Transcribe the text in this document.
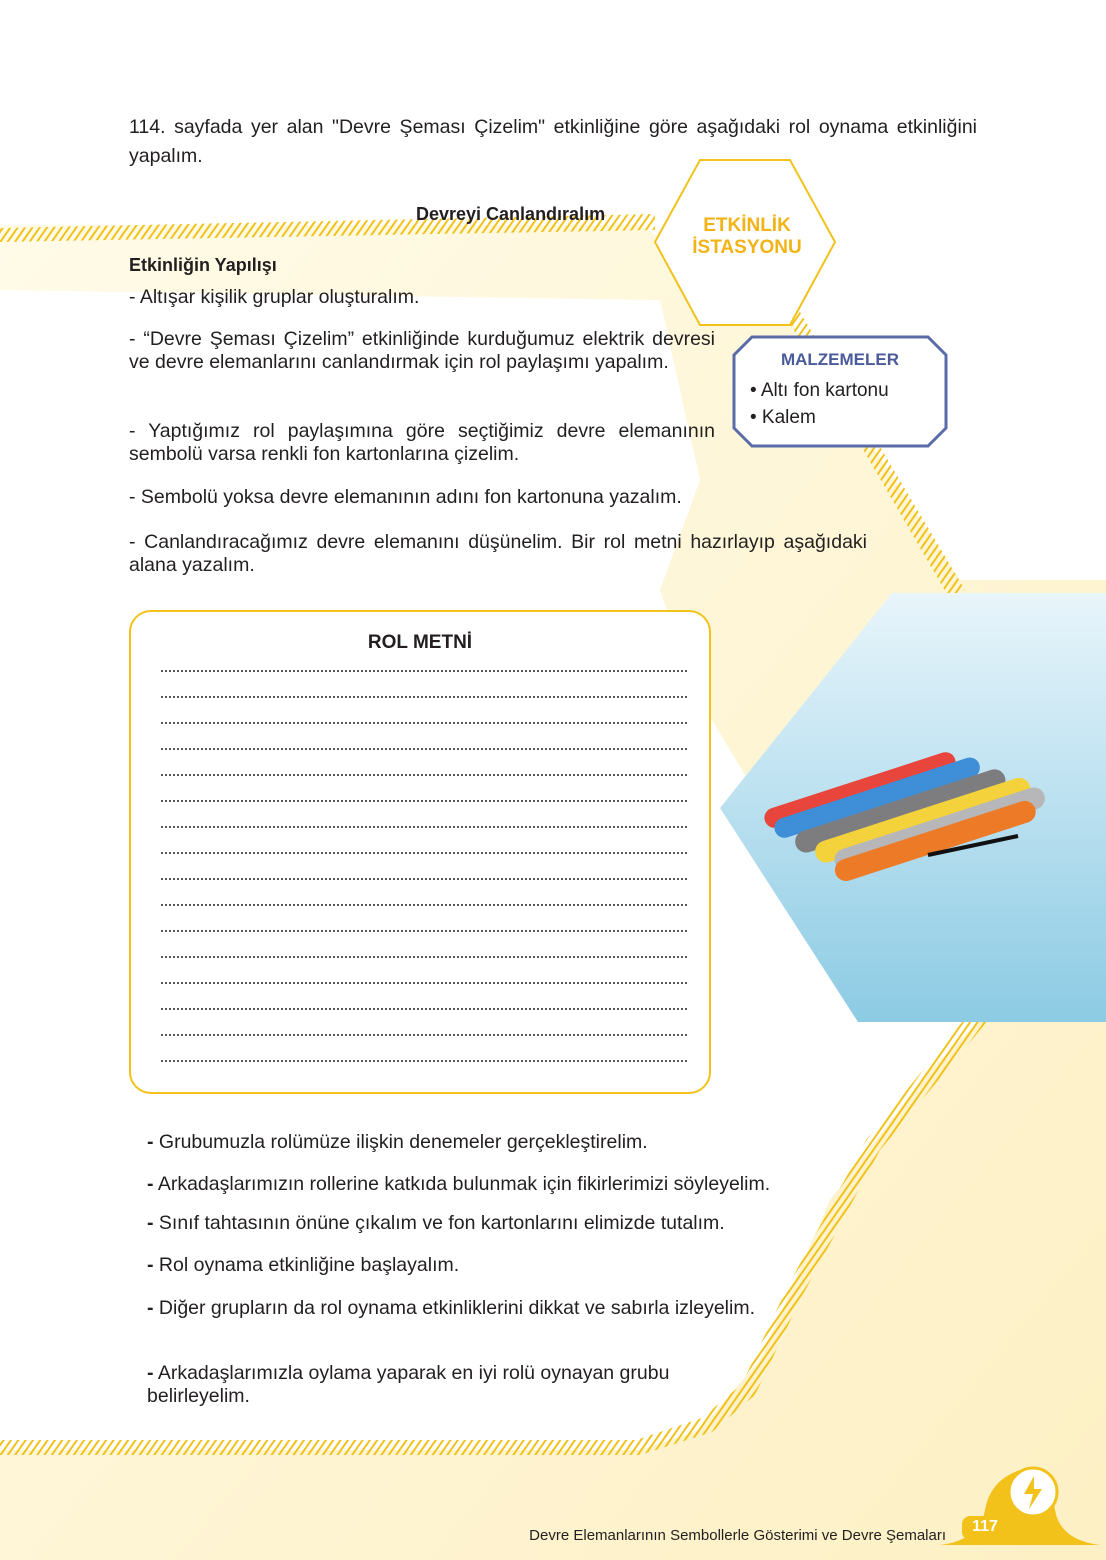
114. sayfada yer alan "Devre Şeması Çizelim" etkinliğine göre aşağıdaki rol oynama etkinliğini yapalım.
Devreyi Canlandıralım
ETKİNLİK
İSTASYONU
Etkinliğin Yapılışı
- Altışar kişilik gruplar oluşturalım.
- “Devre Şeması Çizelim” etkinliğinde kurduğumuz elektrik devresi ve devre elemanlarını canlandırmak için rol paylaşımı yapalım.
- Yaptığımız rol paylaşımına göre seçtiğimiz devre elemanının sembolü varsa renkli fon kartonlarına çizelim.
- Sembolü yoksa devre elemanının adını fon kartonuna yazalım.
- Canlandıracağımız devre elemanını düşünelim. Bir rol metni hazırlayıp aşağıdaki alana yazalım.
MALZEMELER
• Altı fon kartonu
• Kalem
ROL METNİ
- Grubumuzla rolümüze ilişkin denemeler gerçekleştirelim.
- Arkadaşlarımızın rollerine katkıda bulunmak için fikirlerimizi söyleyelim.
- Sınıf tahtasının önüne çıkalım ve fon kartonlarını elimizde tutalım.
- Rol oynama etkinliğine başlayalım.
- Diğer grupların da rol oynama etkinliklerini dikkat ve sabırla izleyelim.
- Arkadaşlarımızla oylama yaparak en iyi rolü oynayan grubu belirleyelim.
Devre Elemanlarının Sembollerle Gösterimi ve Devre Şemaları
117
